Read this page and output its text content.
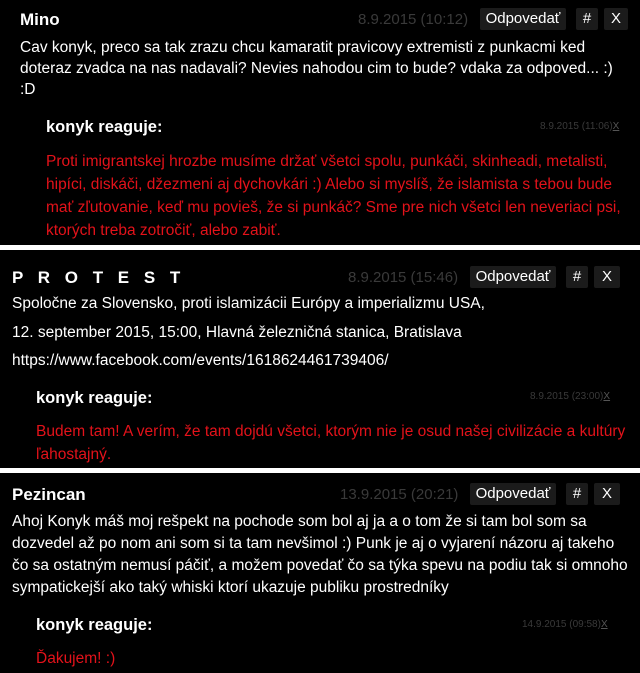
Mino	8.9.2015 (10:12)	Odpovedať	#	X
Cav konyk, preco sa tak zrazu chcu kamaratit pravicovy extremisti z punkacmi ked doteraz zvadca na nas nadavali? Nevies nahodou cim to bude? vdaka za odpoved... :) :D
konyk reaguje:	8.9.2015 (11:06)X
Proti imigrantskej hrozbe musíme držať všetci spolu, punkáči, skinheadi, metalisti, hipíci, diskáči, džezmeni aj dychovkári :) Alebo si myslíš, že islamista s tebou bude mať zľutovanie, keď mu povieš, že si punkáč? Sme pre nich všetci len neveriaci psi, ktorých treba zotročiť, alebo zabiť.
P R O T E S T	8.9.2015 (15:46)	Odpovedať	#	X
Spoločne za Slovensko, proti islamizácii Európy a imperializmu USA,
12. september 2015, 15:00, Hlavná železničná stanica, Bratislava
https://www.facebook.com/events/1618624461739406/
konyk reaguje:	8.9.2015 (23:00)X
Budem tam! A verím, že tam dojdú všetci, ktorým nie je osud našej civilizácie a kultúry ľahostajný.
Pezincan	13.9.2015 (20:21)	Odpovedať	#	X
Ahoj Konyk máš moj rešpekt na pochode som bol aj ja a o tom že si tam bol som sa dozvedel až po nom ani som si ta tam nevšimol :) Punk je aj o vyjarení názoru aj takeho čo sa ostatným nemusí páčiť, a možem povedať čo sa týka spevu na podiu tak si omnoho sympatickejší ako taký whiski ktorí ukazuje publiku prostredníky
konyk reaguje:	14.9.2015 (09:58)X
Ďakujem! :)
